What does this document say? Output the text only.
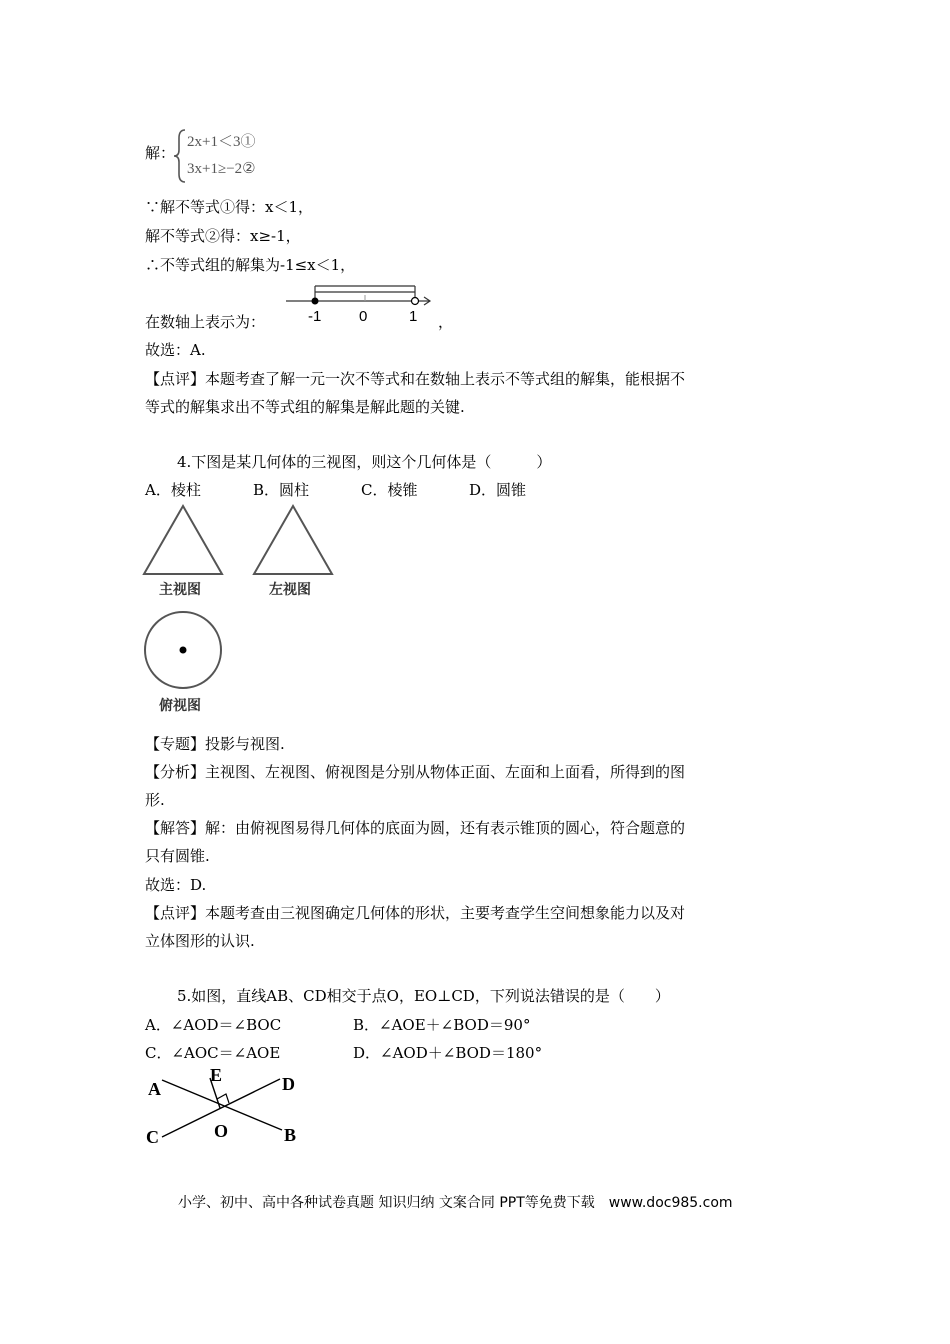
解：
2x+1＜3①
3x+1≥−2②
∵解不等式①得：x＜1，
解不等式②得：x≥-1，
∴不等式组的解集为-1≤x＜1，
在数轴上表示为：	-1	0	1 ，
故选：A.
【点评】本题考查了解一元一次不等式和在数轴上表示不等式组的解集，能根据不
等式的解集求出不等式组的解集是解此题的关键.
4.下图是某几何体的三视图，则这个几何体是（　　　）
A．棱柱	B．圆柱	C．棱锥	D．圆锥
主视图	左视图
俯视图
【专题】投影与视图.
【分析】主视图、左视图、俯视图是分别从物体正面、左面和上面看，所得到的图
形.
【解答】解：由俯视图易得几何体的底面为圆，还有表示锥顶的圆心，符合题意的
只有圆锥.
故选：D.
【点评】本题考查由三视图确定几何体的形状，主要考查学生空间想象能力以及对
立体图形的认识.
5.如图，直线AB、CD相交于点O，EO⊥CD，下列说法错误的是（　　）
A．∠AOD＝∠BOC	B．∠AOE＋∠BOD＝90°
C．∠AOC＝∠AOE	D．∠AOD＋∠BOD＝180°
A
E	D
C	O	B
小学、初中、高中各种试卷真题 知识归纳 文案合同 PPT等免费下载　www.doc985.com
